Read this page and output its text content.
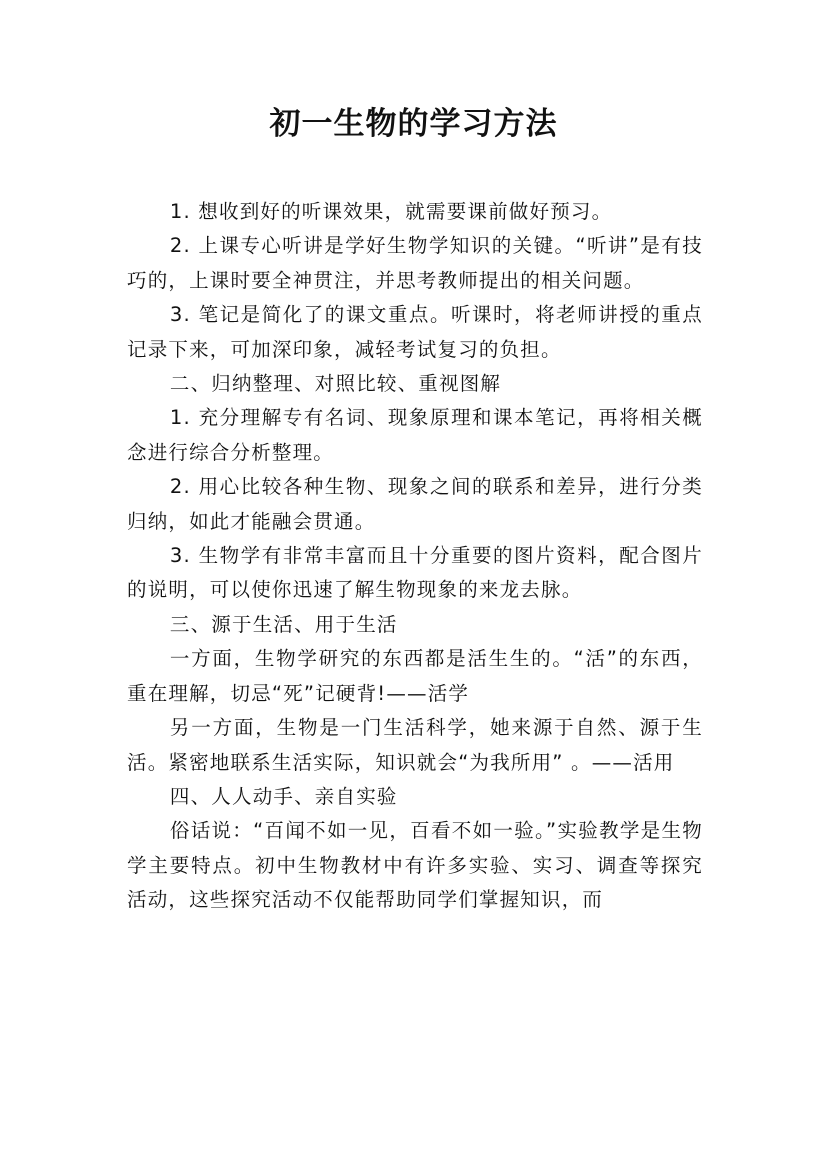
初一生物的学习方法

1. 想收到好的听课效果，就需要课前做好预习。

2. 上课专心听讲是学好生物学知识的关键。“听讲”是有技巧的，上课时要全神贯注，并思考教师提出的相关问题。

3. 笔记是简化了的课文重点。听课时，将老师讲授的重点记录下来，可加深印象，减轻考试复习的负担。

二、归纳整理、对照比较、重视图解

1. 充分理解专有名词、现象原理和课本笔记，再将相关概念进行综合分析整理。

2. 用心比较各种生物、现象之间的联系和差异，进行分类归纳，如此才能融会贯通。

3. 生物学有非常丰富而且十分重要的图片资料，配合图片的说明，可以使你迅速了解生物现象的来龙去脉。

三、源于生活、用于生活

一方面，生物学研究的东西都是活生生的。“活”的东西，重在理解，切忌“死”记硬背!——活学

另一方面，生物是一门生活科学，她来源于自然、源于生活。紧密地联系生活实际，知识就会“为我所用” 。——活用

四、人人动手、亲自实验

俗话说：“百闻不如一见，百看不如一验。”实验教学是生物学主要特点。初中生物教材中有许多实验、实习、调查等探究活动，这些探究活动不仅能帮助同学们掌握知识，而
